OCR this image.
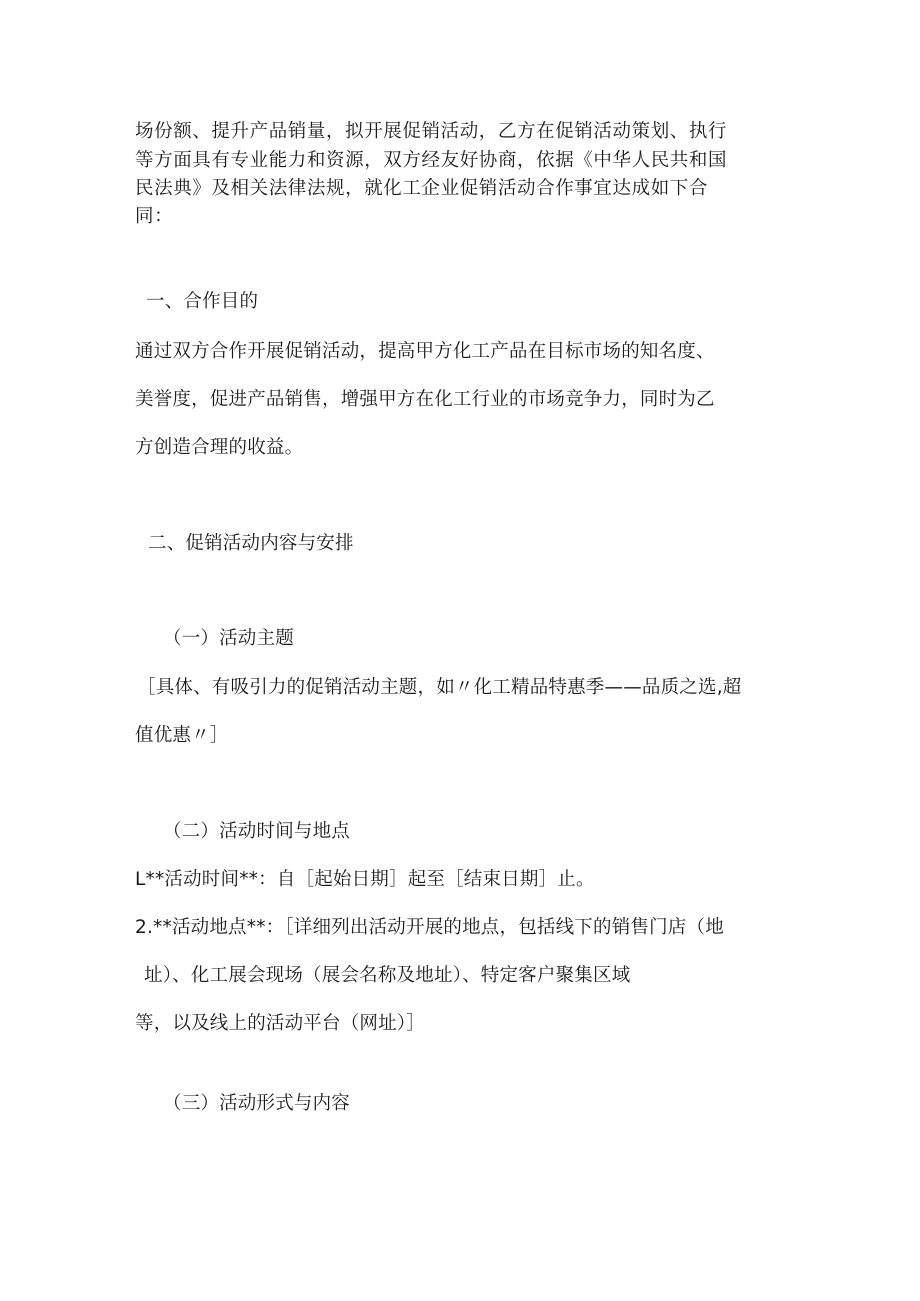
场份额、提升产品销量，拟开展促销活动，乙方在促销活动策划、执行
等方面具有专业能力和资源，双方经友好协商，依据《中华人民共和国
民法典》及相关法律法规，就化工企业促销活动合作事宜达成如下合
同：
一、合作目的
通过双方合作开展促销活动，提高甲方化工产品在目标市场的知名度、
美誉度，促进产品销售，增强甲方在化工行业的市场竞争力，同时为乙
方创造合理的收益。
二、促销活动内容与安排
（一）活动主题
［具体、有吸引力的促销活动主题，如〃化工精品特惠季——品质之选,超
值优惠〃］
（二）活动时间与地点
L**活动时间**：自［起始日期］起至［结束日期］止。
2.**活动地点**：［详细列出活动开展的地点，包括线下的销售门店（地
址）、化工展会现场（展会名称及地址）、特定客户聚集区域
等，以及线上的活动平台（网址）］
（三）活动形式与内容
